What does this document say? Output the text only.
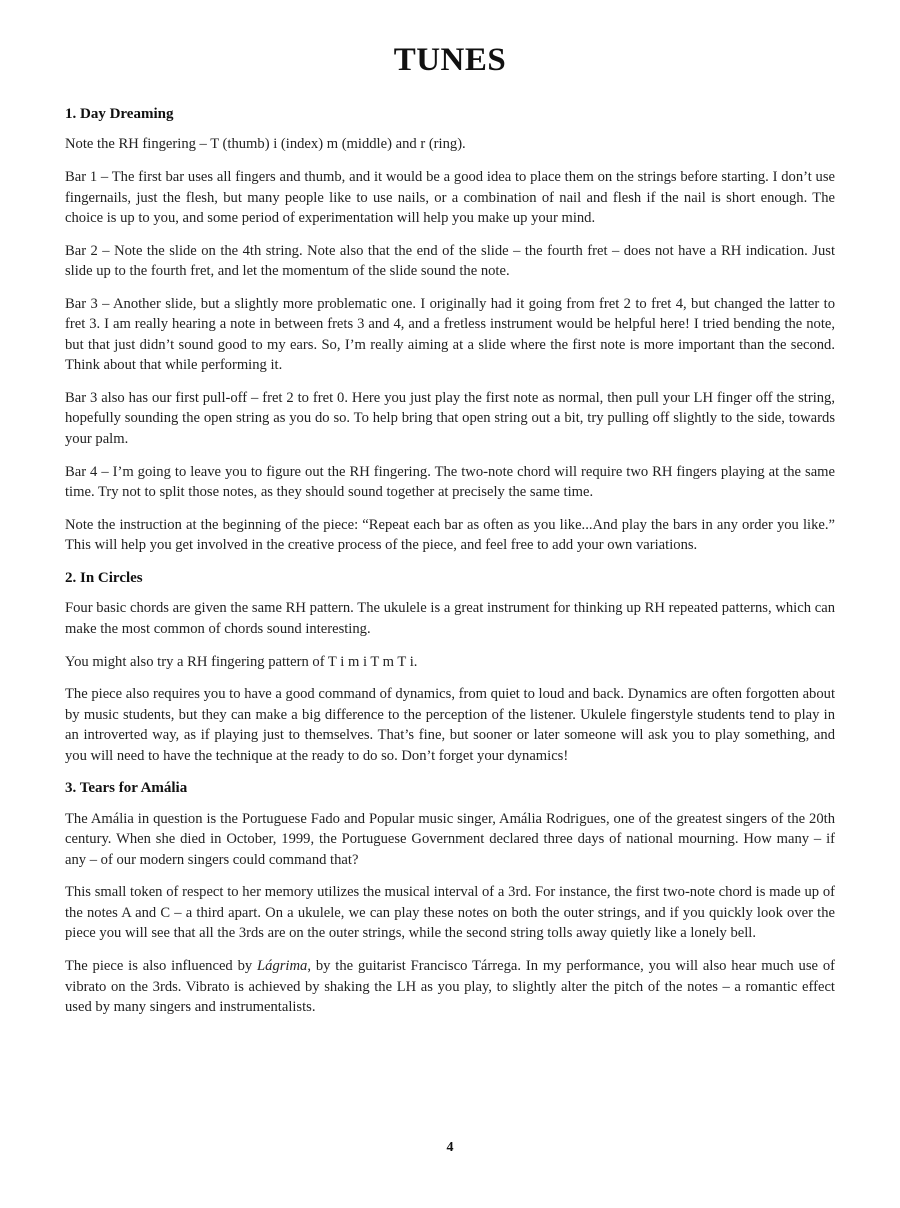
TUNES
1. Day Dreaming

Note the RH fingering – T (thumb) i (index) m (middle) and r (ring).

Bar 1 – The first bar uses all fingers and thumb, and it would be a good idea to place them on the strings before starting. I don’t use fingernails, just the flesh, but many people like to use nails, or a combination of nail and flesh if the nail is short enough. The choice is up to you, and some period of experimentation will help you make up your mind.

Bar 2 – Note the slide on the 4th string. Note also that the end of the slide – the fourth fret – does not have a RH indication. Just slide up to the fourth fret, and let the momentum of the slide sound the note.

Bar 3 – Another slide, but a slightly more problematic one. I originally had it going from fret 2 to fret 4, but changed the latter to fret 3. I am really hearing a note in between frets 3 and 4, and a fretless instrument would be helpful here! I tried bending the note, but that just didn’t sound good to my ears. So, I’m really aiming at a slide where the first note is more important than the second. Think about that while performing it.

Bar 3 also has our first pull-off – fret 2 to fret 0. Here you just play the first note as normal, then pull your LH finger off the string, hopefully sounding the open string as you do so. To help bring that open string out a bit, try pulling off slightly to the side, towards your palm.

Bar 4 – I’m going to leave you to figure out the RH fingering. The two-note chord will require two RH fingers playing at the same time. Try not to split those notes, as they should sound together at precisely the same time.

Note the instruction at the beginning of the piece: “Repeat each bar as often as you like...And play the bars in any order you like.” This will help you get involved in the creative process of the piece, and feel free to add your own variations.

2. In Circles

Four basic chords are given the same RH pattern. The ukulele is a great instrument for thinking up RH repeated patterns, which can make the most common of chords sound interesting.

You might also try a RH fingering pattern of T i m i T m T i.

The piece also requires you to have a good command of dynamics, from quiet to loud and back. Dynamics are often forgotten about by music students, but they can make a big difference to the perception of the listener. Ukulele fingerstyle students tend to play in an introverted way, as if playing just to themselves. That’s fine, but sooner or later someone will ask you to play something, and you will need to have the technique at the ready to do so. Don’t forget your dynamics!

3. Tears for Amália

The Amália in question is the Portuguese Fado and Popular music singer, Amália Rodrigues, one of the greatest singers of the 20th century. When she died in October, 1999, the Portuguese Government declared three days of national mourning. How many – if any – of our modern singers could command that?

This small token of respect to her memory utilizes the musical interval of a 3rd. For instance, the first two-note chord is made up of the notes A and C – a third apart. On a ukulele, we can play these notes on both the outer strings, and if you quickly look over the piece you will see that all the 3rds are on the outer strings, while the second string tolls away quietly like a lonely bell.

The piece is also influenced by Lágrima, by the guitarist Francisco Tárrega. In my performance, you will also hear much use of vibrato on the 3rds. Vibrato is achieved by shaking the LH as you play, to slightly alter the pitch of the notes – a romantic effect used by many singers and instrumentalists.

4
